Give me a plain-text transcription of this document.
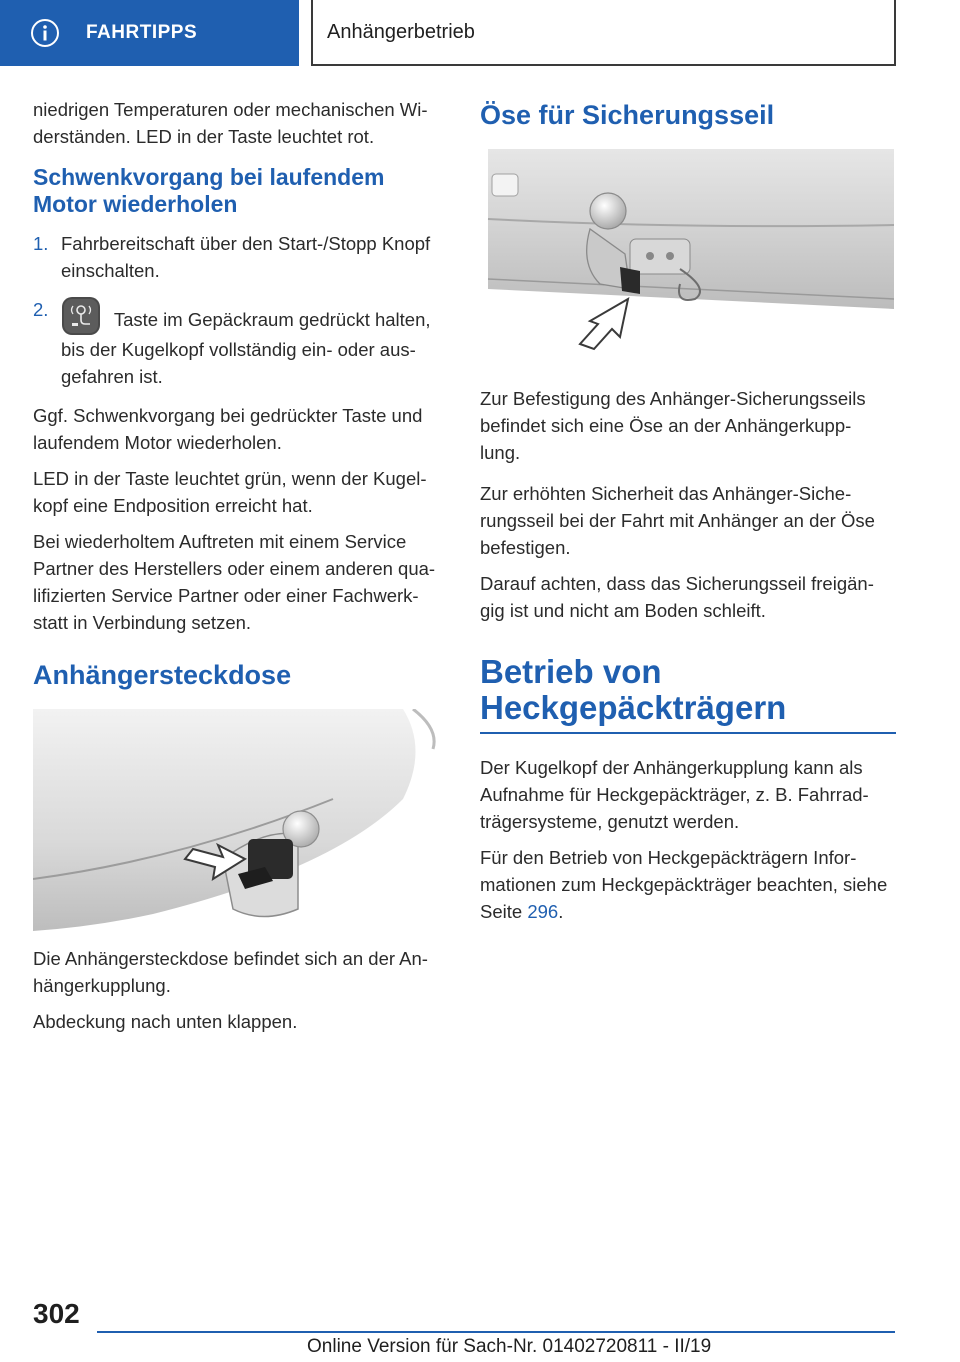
FAHRTIPPS	Anhängerbetrieb

niedrigen Temperaturen oder mechanischen Wi- derständen. LED in der Taste leuchtet rot.

Schwenkvorgang bei laufendem Motor wiederholen
1. Fahrbereitschaft über den Start-/Stopp Knopf einschalten.
2.	Taste im Gepäckraum gedrückt halten, bis der Kugelkopf vollständig ein- oder aus- gefahren ist.

Ggf. Schwenkvorgang bei gedrückter Taste und laufendem Motor wiederholen.

LED in der Taste leuchtet grün, wenn der Kugel- kopf eine Endposition erreicht hat.

Bei wiederholtem Auftreten mit einem Service Partner des Herstellers oder einem anderen qua- lifizierten Service Partner oder einer Fachwerk- statt in Verbindung setzen.

Anhängersteckdose

Die Anhängersteckdose befindet sich an der An- hängerkupplung.

Abdeckung nach unten klappen.

Öse für Sicherungsseil

Zur Befestigung des Anhänger-Sicherungsseils befindet sich eine Öse an der Anhängerkupp- lung.

Zur erhöhten Sicherheit das Anhänger-Siche- rungsseil bei der Fahrt mit Anhänger an der Öse befestigen.

Darauf achten, dass das Sicherungsseil freigän- gig ist und nicht am Boden schleift.

Betrieb von Heckgepäckträgern

Der Kugelkopf der Anhängerkupplung kann als Aufnahme für Heckgepäckträger, z. B. Fahrrad- trägersysteme, genutzt werden.

Für den Betrieb von Heckgepäckträgern Infor- mationen zum Heckgepäckträger beachten, siehe Seite 296.

302
Online Version für Sach-Nr. 01402720811 - II/19
